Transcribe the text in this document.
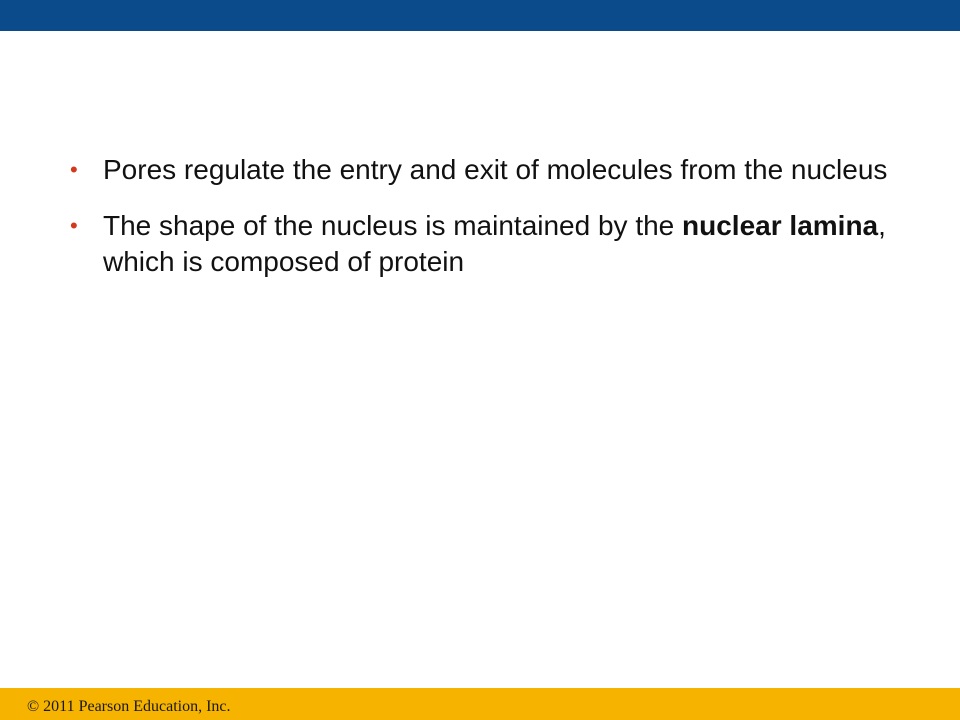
• Pores regulate the entry and exit of molecules from the nucleus
• The shape of the nucleus is maintained by the nuclear lamina, which is composed of protein
© 2011 Pearson Education, Inc.
